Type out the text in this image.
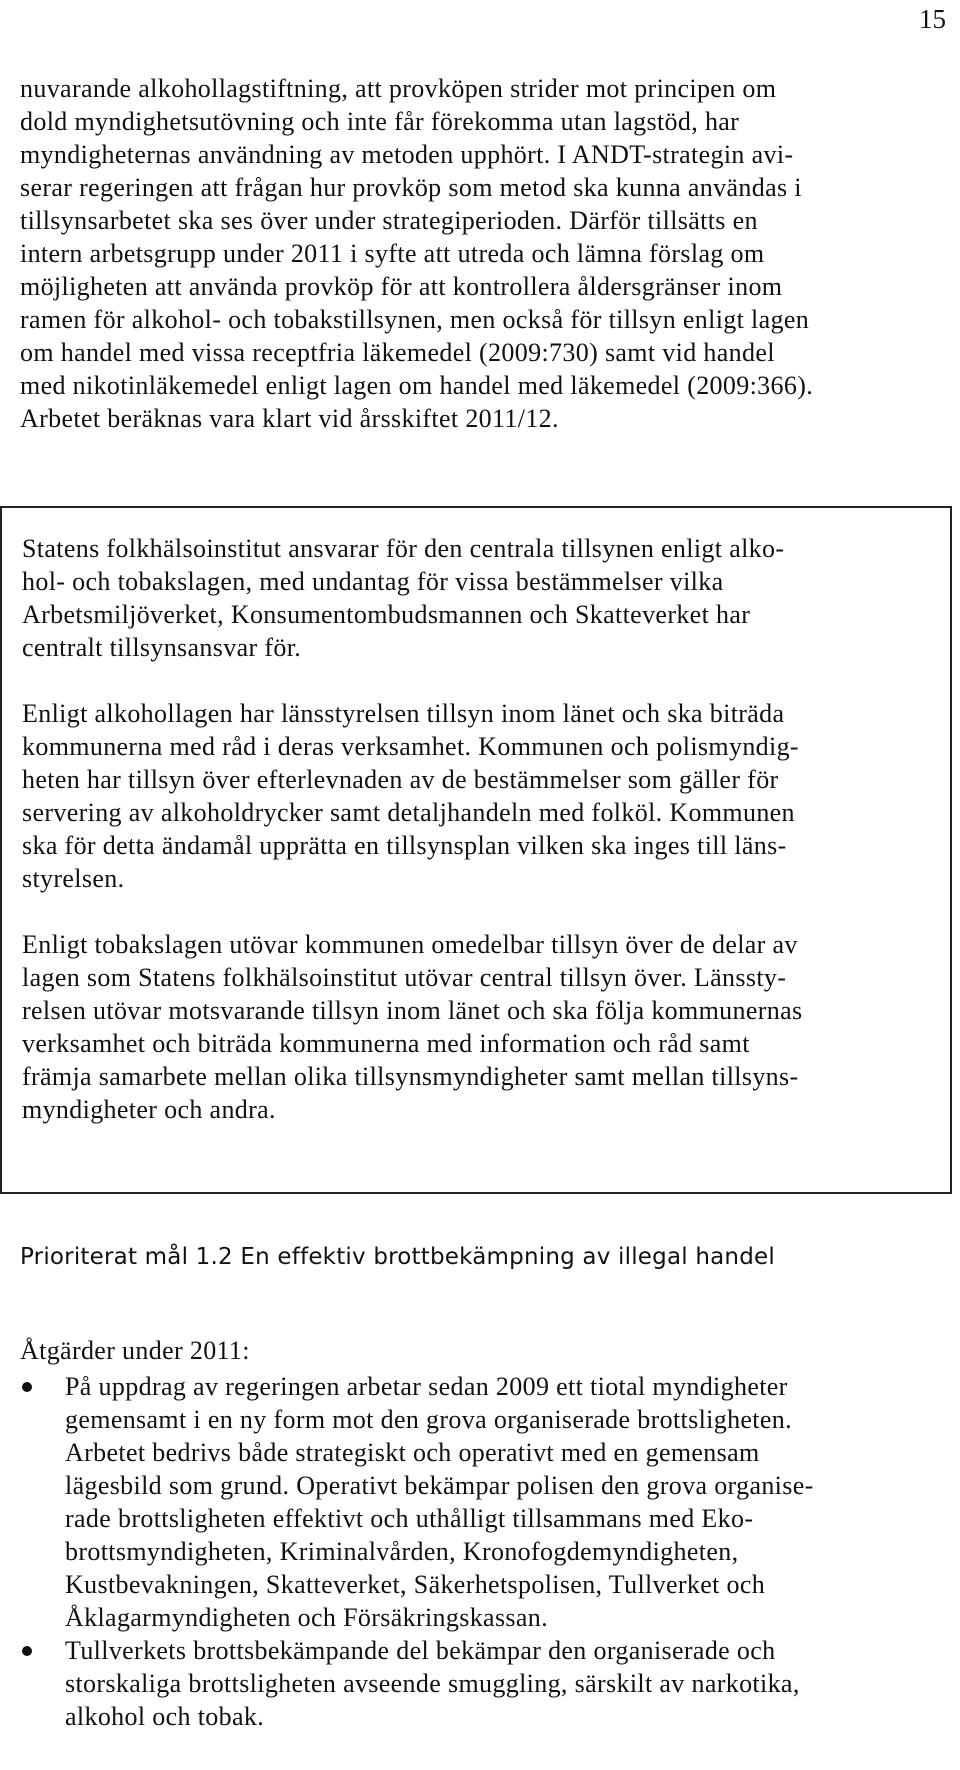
15

nuvarande alkohollagstiftning, att provköpen strider mot principen om
dold myndighetsutövning och inte får förekomma utan lagstöd, har
myndigheternas användning av metoden upphört. I ANDT-strategin avi-
serar regeringen att frågan hur provköp som metod ska kunna användas i
tillsynsarbetet ska ses över under strategiperioden. Därför tillsätts en
intern arbetsgrupp under 2011 i syfte att utreda och lämna förslag om
möjligheten att använda provköp för att kontrollera åldersgränser inom
ramen för alkohol- och tobakstillsynen, men också för tillsyn enligt lagen
om handel med vissa receptfria läkemedel (2009:730) samt vid handel
med nikotinläkemedel enligt lagen om handel med läkemedel (2009:366).
Arbetet beräknas vara klart vid årsskiftet 2011/12.

Statens folkhälsoinstitut ansvarar för den centrala tillsynen enligt alko-
hol- och tobakslagen, med undantag för vissa bestämmelser vilka
Arbetsmiljöverket, Konsumentombudsmannen och Skatteverket har
centralt tillsynsansvar för.

Enligt alkohollagen har länsstyrelsen tillsyn inom länet och ska biträda
kommunerna med råd i deras verksamhet. Kommunen och polismyndig-
heten har tillsyn över efterlevnaden av de bestämmelser som gäller för
servering av alkoholdrycker samt detaljhandeln med folköl. Kommunen
ska för detta ändamål upprätta en tillsynsplan vilken ska inges till läns-
styrelsen.

Enligt tobakslagen utövar kommunen omedelbar tillsyn över de delar av
lagen som Statens folkhälsoinstitut utövar central tillsyn över. Länssty-
relsen utövar motsvarande tillsyn inom länet och ska följa kommunernas
verksamhet och biträda kommunerna med information och råd samt
främja samarbete mellan olika tillsynsmyndigheter samt mellan tillsyns-
myndigheter och andra.

Prioriterat mål 1.2 En effektiv brottbekämpning av illegal handel

Åtgärder under 2011:

På uppdrag av regeringen arbetar sedan 2009 ett tiotal myndigheter
gemensamt i en ny form mot den grova organiserade brottsligheten.
Arbetet bedrivs både strategiskt och operativt med en gemensam
lägesbild som grund. Operativt bekämpar polisen den grova organise-
rade brottsligheten effektivt och uthålligt tillsammans med Eko-
brottsmyndigheten, Kriminalvården, Kronofogdemyndigheten,
Kustbevakningen, Skatteverket, Säkerhetspolisen, Tullverket och
Åklagarmyndigheten och Försäkringskassan.

Tullverkets brottsbekämpande del bekämpar den organiserade och
storskaliga brottsligheten avseende smuggling, särskilt av narkotika,
alkohol och tobak.
